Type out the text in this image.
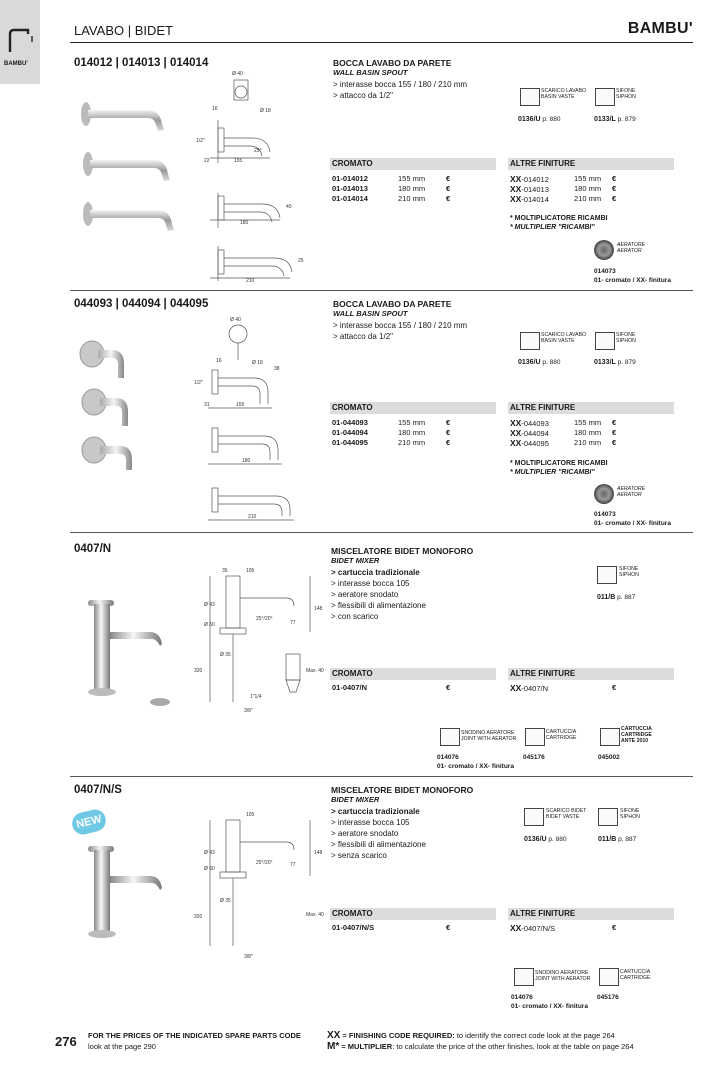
BAMBU'
LAVABO | BIDET	BAMBU'
014012 | 014013 | 014014
Ø 40
Ø 18
16
22	155
180
210
1/2"
25°
40
25
BOCCA LAVABO DA PARETE
WALL BASIN SPOUT
> interasse bocca 155 / 180 / 210 mm
> attacco da 1/2"	SCARICO LAVABO
BASIN VASTE
0136/U p. 880
SIFONE
SIPHON
0133/L p. 879
CROMATO
01-014012	155 mm	€
01-014013	180 mm	€
01-014014	210 mm	€
ALTRE FINITURE
XX-014012	155 mm €
XX-014013	180 mm €
XX-014014	210 mm €
* MOLTIPLICATORE RICAMBI
* MULTIPLIER "RICAMBI"
AERATORE
AERATOR
014073
01- cromato / XX- finitura
044093 | 044094 | 044095
Ø 40
Ø 18
16
31	155
180
210
1/2"
38
BOCCA LAVABO DA PARETE
WALL BASIN SPOUT
> interasse bocca 155 / 180 / 210 mm
> attacco da 1/2"	SCARICO LAVABO
BASIN VASTE
0136/U p. 880
SIFONE
SIPHON
0133/L p. 879
CROMATO
01-044093	155 mm	€
01-044094	180 mm	€
01-044095	210 mm	€
ALTRE FINITURE
XX-044093	155 mm €
XX-044094	180 mm €
XX-044095	210 mm €
* MOLTIPLICATORE RICAMBI
* MULTIPLIER "RICAMBI"
AERATORE
AERATOR
014073
01- cromato / XX- finitura
0407/N
35	105
Ø 43
Ø 50
25°/20°
77
148
Ø 35
320	Max. 40
1"1/4
3/8"
MISCELATORE BIDET MONOFORO
BIDET MIXER
> cartuccia tradizionale
> interasse bocca 105
> aeratore snodato
> flessibili di alimentazione
> con scarico
SIFONE
SIPHON
011/B p. 887
CROMATO
01-0407/N	€
ALTRE FINITURE
XX-0407/N	€
SNODINO AERATORE
JOINT WITH AERATOR
014076
01- cromato / XX- finitura
CARTUCCIA
CARTRIDGE
045176
CARTUCCIA
CARTRIDGE
ANTE 2010
045002
0407/N/S
NEW	105
Ø 43
Ø 50
25°/20°	77
148
Ø 35
320	Max. 40
3/8"
MISCELATORE BIDET MONOFORO
BIDET MIXER
> cartuccia tradizionale
> interasse bocca 105
> aeratore snodato
> flessibili di alimentazione
> senza scarico
SCARICO BIDET
BIDET VASTE
0136/U p. 880
SIFONE
SIPHON
011/B p. 887
CROMATO
01-0407/N/S	€
ALTRE FINITURE
XX-0407/N/S	€
SNODINO AERATORE
JOINT WITH AERATOR
014076
01- cromato / XX- finitura
CARTUCCIA
CARTRIDGE
045176
276 FOR THE PRICES OF THE INDICATED SPARE PARTS CODE
look at the page 290
XX = FINISHING CODE REQUIRED: to identify the correct code look at the page 264
M* = MULTIPLIER: to calculate the price of the other finishes, look at the table on page 264
